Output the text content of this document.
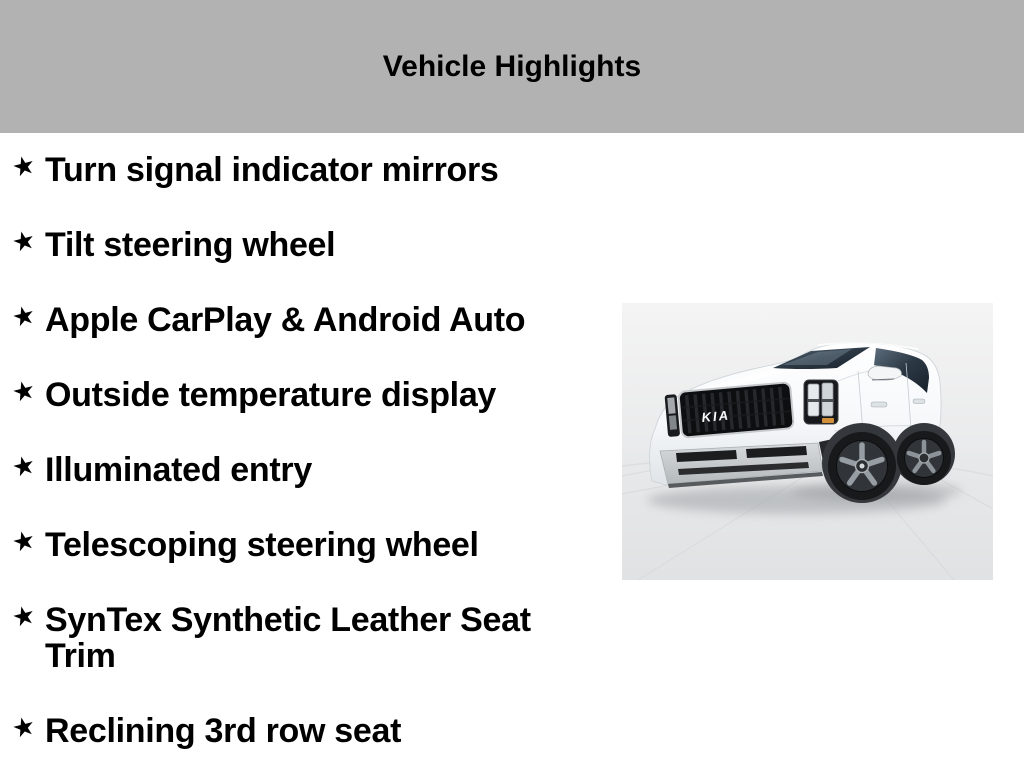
Vehicle Highlights
★ Turn signal indicator mirrors
★ Tilt steering wheel
★ Apple CarPlay & Android Auto
★ Outside temperature display
★ Illuminated entry
★ Telescoping steering wheel
★ SynTex Synthetic Leather Seat Trim
★ Reclining 3rd row seat
KIA
